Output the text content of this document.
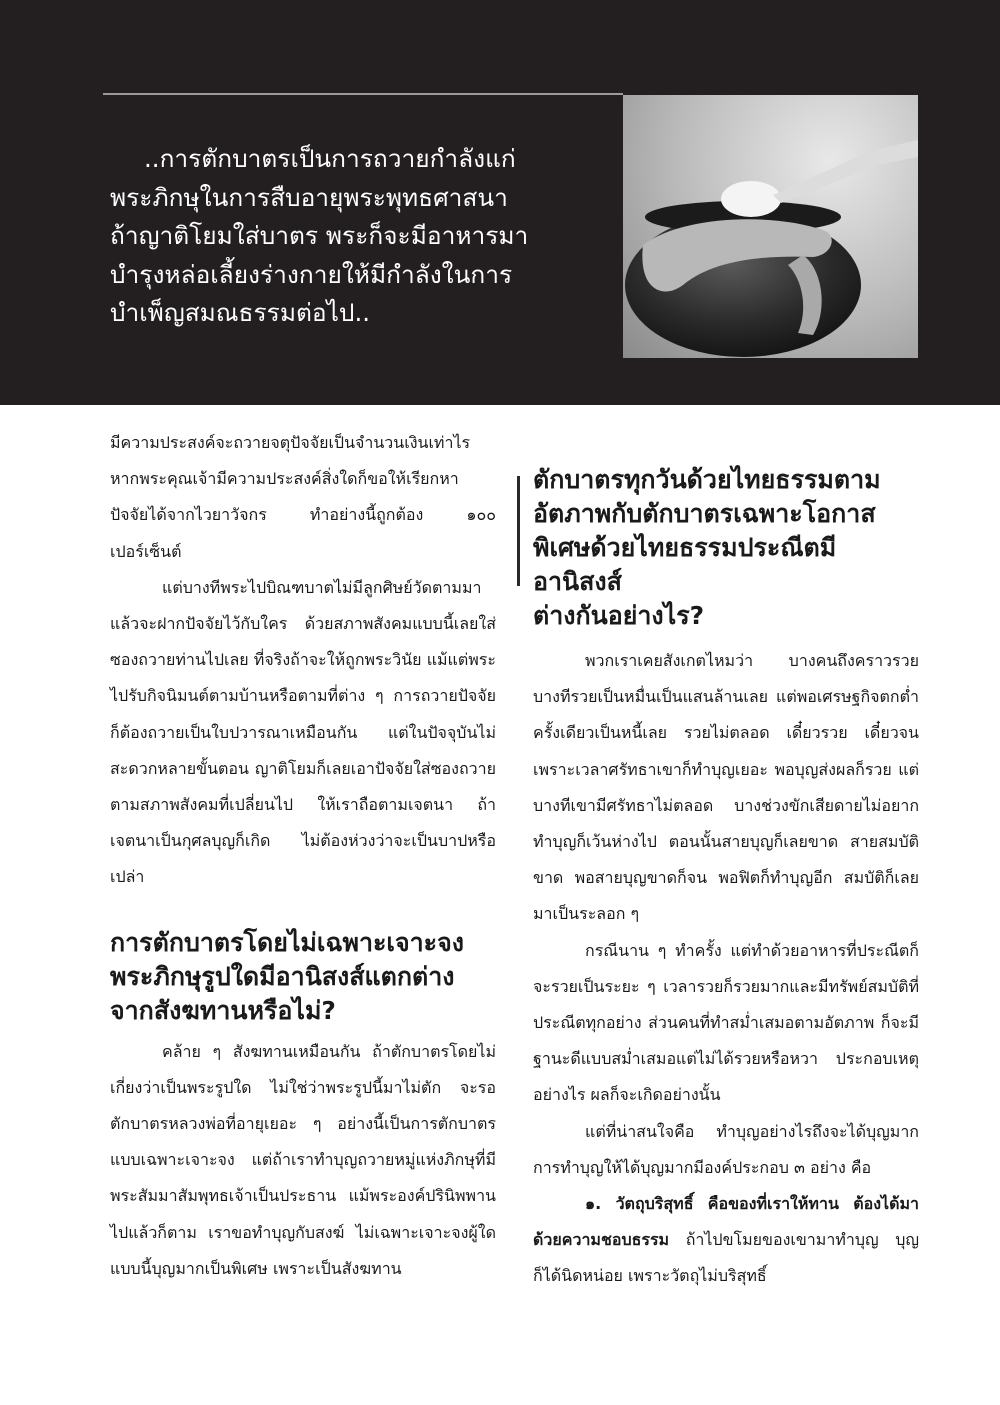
..การตักบาตรเป็นการถวายกำลังแก่
พระภิกษุในการสืบอายุพระพุทธศาสนา
ถ้าญาติโยมใส่บาตร พระก็จะมีอาหารมา
บำรุงหล่อเลี้ยงร่างกายให้มีกำลังในการ
บำเพ็ญสมณธรรมต่อไป..

มีความประสงค์จะถวายจตุปัจจัยเป็นจำนวนเงินเท่าไร หากพระคุณเจ้ามีความประสงค์สิ่งใดก็ขอให้เรียกหาปัจจัยได้จากไวยาวัจกร ทำอย่างนี้ถูกต้อง ๑๐๐ เปอร์เซ็นต์

แต่บางทีพระไปบิณฑบาตไม่มีลูกศิษย์วัดตามมา แล้วจะฝากปัจจัยไว้กับใคร ด้วยสภาพสังคมแบบนี้เลยใส่ซองถวายท่านไปเลย ที่จริงถ้าจะให้ถูกพระวินัย แม้แต่พระไปรับกิจนิมนต์ตามบ้านหรือตามที่ต่าง ๆ การถวายปัจจัยก็ต้องถวายเป็นใบปวารณาเหมือนกัน แต่ในปัจจุบันไม่สะดวกหลายขั้นตอน ญาติโยมก็เลยเอาปัจจัยใส่ซองถวายตามสภาพสังคมที่เปลี่ยนไป ให้เราถือตามเจตนา ถ้าเจตนาเป็นกุศลบุญก็เกิด ไม่ต้องห่วงว่าจะเป็นบาปหรือเปล่า

การตักบาตรโดยไม่เฉพาะเจาะจง
พระภิกษุรูปใดมีอานิสงส์แตกต่าง
จากสังฆทานหรือไม่?

คล้าย ๆ สังฆทานเหมือนกัน ถ้าตักบาตรโดยไม่เกี่ยงว่าเป็นพระรูปใด ไม่ใช่ว่าพระรูปนี้มาไม่ตัก จะรอตักบาตรหลวงพ่อที่อายุเยอะ ๆ อย่างนี้เป็นการตักบาตรแบบเฉพาะเจาะจง แต่ถ้าเราทำบุญถวายหมู่แห่งภิกษุที่มีพระสัมมาสัมพุทธเจ้าเป็นประธาน แม้พระองค์ปรินิพพานไปแล้วก็ตาม เราขอทำบุญกับสงฆ์ ไม่เฉพาะเจาะจงผู้ใด แบบนี้บุญมากเป็นพิเศษ เพราะเป็นสังฆทาน

ตักบาตรทุกวันด้วยไทยธรรมตาม
อัตภาพกับตักบาตรเฉพาะโอกาส
พิเศษด้วยไทยธรรมประณีตมีอานิสงส์
ต่างกันอย่างไร?

พวกเราเคยสังเกตไหมว่า บางคนถึงคราวรวยบางทีรวยเป็นหมื่นเป็นแสนล้านเลย แต่พอเศรษฐกิจตกต่ำครั้งเดียวเป็นหนี้เลย รวยไม่ตลอด เดี๋ยวรวย เดี๋ยวจน เพราะเวลาศรัทธาเขาก็ทำบุญเยอะ พอบุญส่งผลก็รวย แต่บางทีเขามีศรัทธาไม่ตลอด บางช่วงขักเสียดายไม่อยากทำบุญก็เว้นห่างไป ตอนนั้นสายบุญก็เลยขาด สายสมบัติขาด พอสายบุญขาดก็จน พอฟิตก็ทำบุญอีก สมบัติก็เลยมาเป็นระลอก ๆ

กรณีนาน ๆ ทำครั้ง แต่ทำด้วยอาหารที่ประณีตก็จะรวยเป็นระยะ ๆ เวลารวยก็รวยมากและมีทรัพย์สมบัติที่ประณีตทุกอย่าง ส่วนคนที่ทำสม่ำเสมอตามอัตภาพ ก็จะมีฐานะดีแบบสม่ำเสมอแต่ไม่ได้รวยหรือหวา ประกอบเหตุอย่างไร ผลก็จะเกิดอย่างนั้น

แต่ที่น่าสนใจคือ ทำบุญอย่างไรถึงจะได้บุญมาก การทำบุญให้ได้บุญมากมีองค์ประกอบ ๓ อย่าง คือ

๑. วัตถุบริสุทธิ์ คือของที่เราให้ทาน ต้องได้มาด้วยความชอบธรรม ถ้าไปขโมยของเขามาทำบุญ บุญก็ได้นิดหน่อย เพราะวัตถุไม่บริสุทธิ์
